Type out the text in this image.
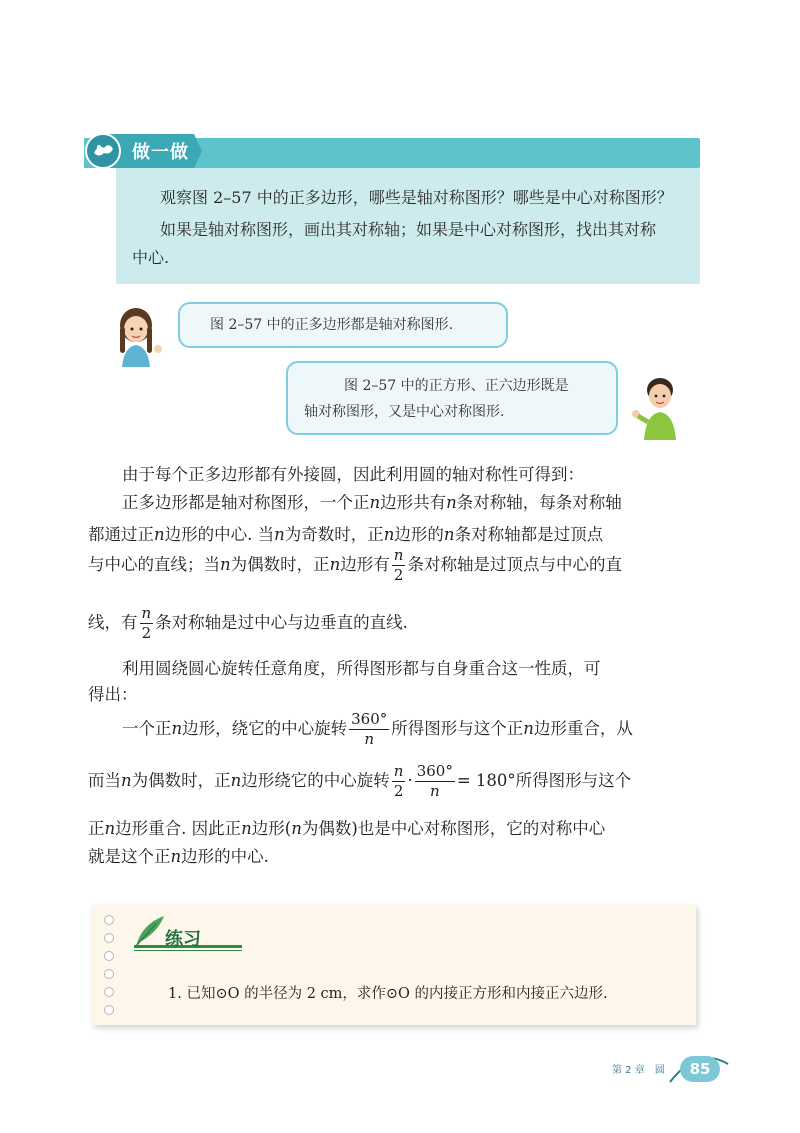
做一做
观察图 2–57 中的正多边形，哪些是轴对称图形？哪些是中心对称图形？
如果是轴对称图形，画出其对称轴；如果是中心对称图形，找出其对称
中心.
图 2–57 中的正多边形都是轴对称图形.
图 2–57 中的正方形、正六边形既是
轴对称图形，又是中心对称图形.
由于每个正多边形都有外接圆，因此利用圆的轴对称性可得到：
正多边形都是轴对称图形，一个正n边形共有n条对称轴，每条对称轴
都通过正n边形的中心. 当n为奇数时，正n边形的n条对称轴都是过顶点
与中心的直线；当n为偶数时，正n边形有 $\frac{n}{2}$ 条对称轴是过顶点与中心的直
线，有 $\frac{n}{2}$ 条对称轴是过中心与边垂直的直线.
利用圆绕圆心旋转任意角度，所得图形都与自身重合这一性质，可
得出：
一个正n边形，绕它的中心旋转 $\frac{360^\circ}{n}$ 所得图形与这个正n边形重合，从
而当n为偶数时，正n边形绕它的中心旋转 $\frac{n}{2} \cdot \frac{360^\circ}{n} = 180^\circ$所得图形与这个
正n边形重合. 因此正n边形(n为偶数)也是中心对称图形，它的对称中心
就是这个正n边形的中心.
练习
1. 已知⊙O 的半径为 2 cm，求作⊙O 的内接正方形和内接正六边形.
第 2 章　圆	85
